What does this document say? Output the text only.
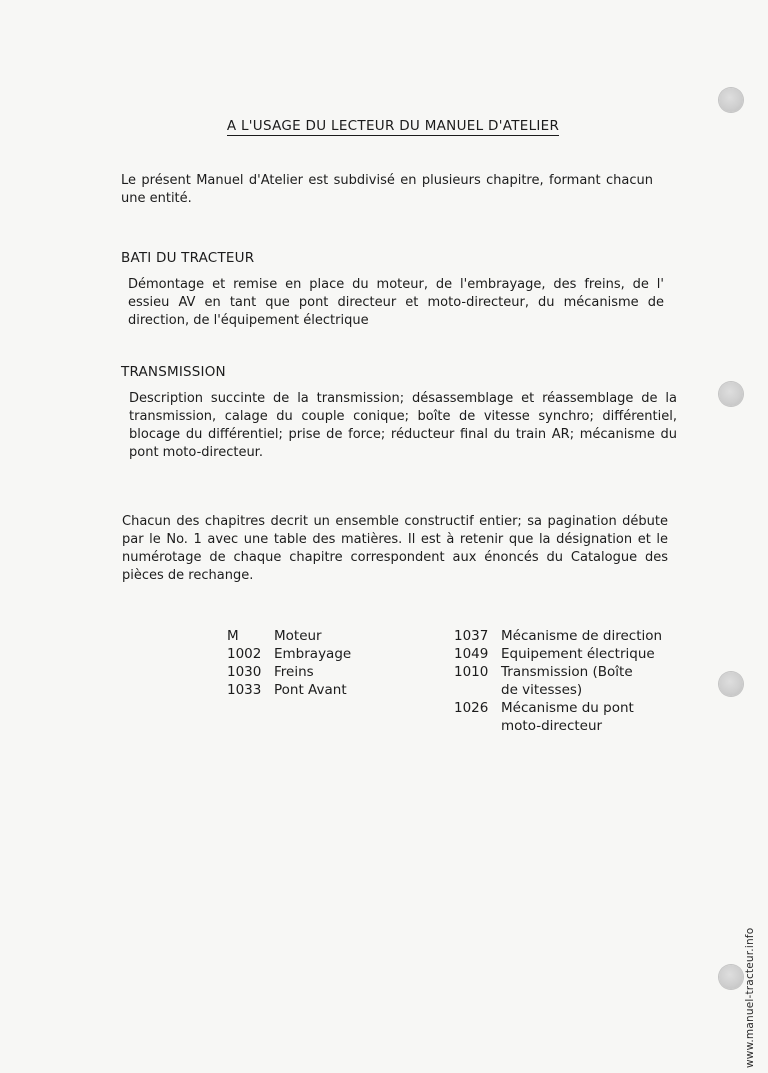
A L'USAGE DU LECTEUR DU MANUEL D'ATELIER
Le présent Manuel d'Atelier est subdivisé en plusieurs chapitre, formant chacun une entité.
BATI DU TRACTEUR
Démontage et remise en place du moteur, de l'embrayage, des freins, de l' essieu AV en tant que pont directeur et moto-directeur, du mécanisme de direction, de l'équipement électrique
TRANSMISSION
Description succinte de la transmission; désassemblage et réassemblage de la transmission, calage du couple conique; boîte de vitesse synchro; différentiel, blocage du différentiel; prise de force; réducteur final du train AR; mécanisme du pont moto-directeur.
Chacun des chapitres decrit un ensemble constructif entier; sa pagination débute par le No. 1 avec une table des matières. Il est à retenir que la désignation et le numérotage de chaque chapitre correspondent aux énoncés du Catalogue des pièces de rechange.
M	Moteur
1002 Embrayage
1030 Freins
1033 Pont Avant
1037 Mécanisme de direction
1049 Equipement électrique
1010 Transmission (Boîte de vitesses)
1026 Mécanisme du pont moto-directeur
www.manuel-tracteur.info
